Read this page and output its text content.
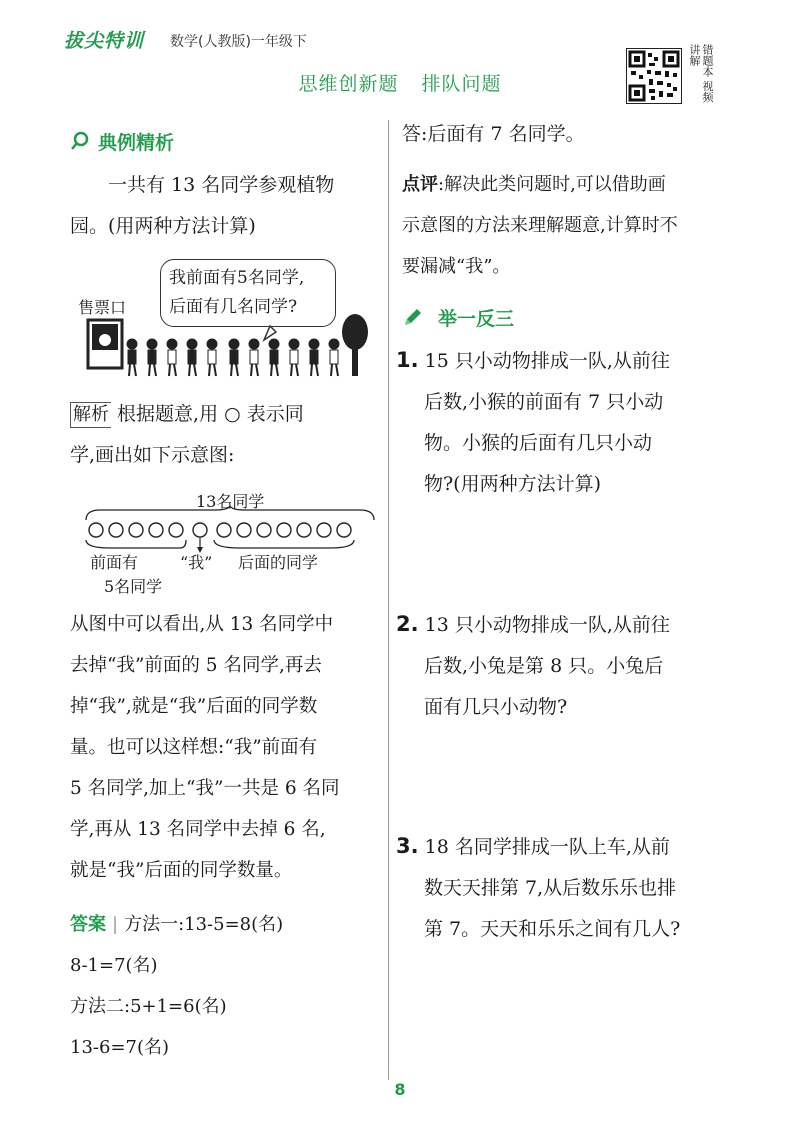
拔尖特训 数学(人教版)一年级下
思维创新题 排队问题	错题本 视频讲解
典例精析
一共有 13 名同学参观植物
园。(用两种方法计算)
我前面有5名同学,
后面有几名同学?
售票口
解析 根据题意,用 ○ 表示同
学,画出如下示意图:
13名同学
前面有	“我” 后面的同学
5名同学
从图中可以看出,从 13 名同学中
去掉“我”前面的 5 名同学,再去
掉“我”,就是“我”后面的同学数
量。也可以这样想:“我”前面有
5 名同学,加上“我”一共是 6 名同
学,再从 13 名同学中去掉 6 名,
就是“我”后面的同学数量。
答案 | 方法一:13-5=8(名)
8-1=7(名)
方法二:5+1=6(名)
13-6=7(名)
答:后面有 7 名同学。
点评:解决此类问题时,可以借助画
示意图的方法来理解题意,计算时不
要漏减“我”。
举一反三
1. 15 只小动物排成一队,从前往
后数,小猴的前面有 7 只小动
物。小猴的后面有几只小动
物?(用两种方法计算)
2. 13 只小动物排成一队,从前往
后数,小兔是第 8 只。小兔后
面有几只小动物?
3. 18 名同学排成一队上车,从前
数天天排第 7,从后数乐乐也排
第 7。天天和乐乐之间有几人?
8
